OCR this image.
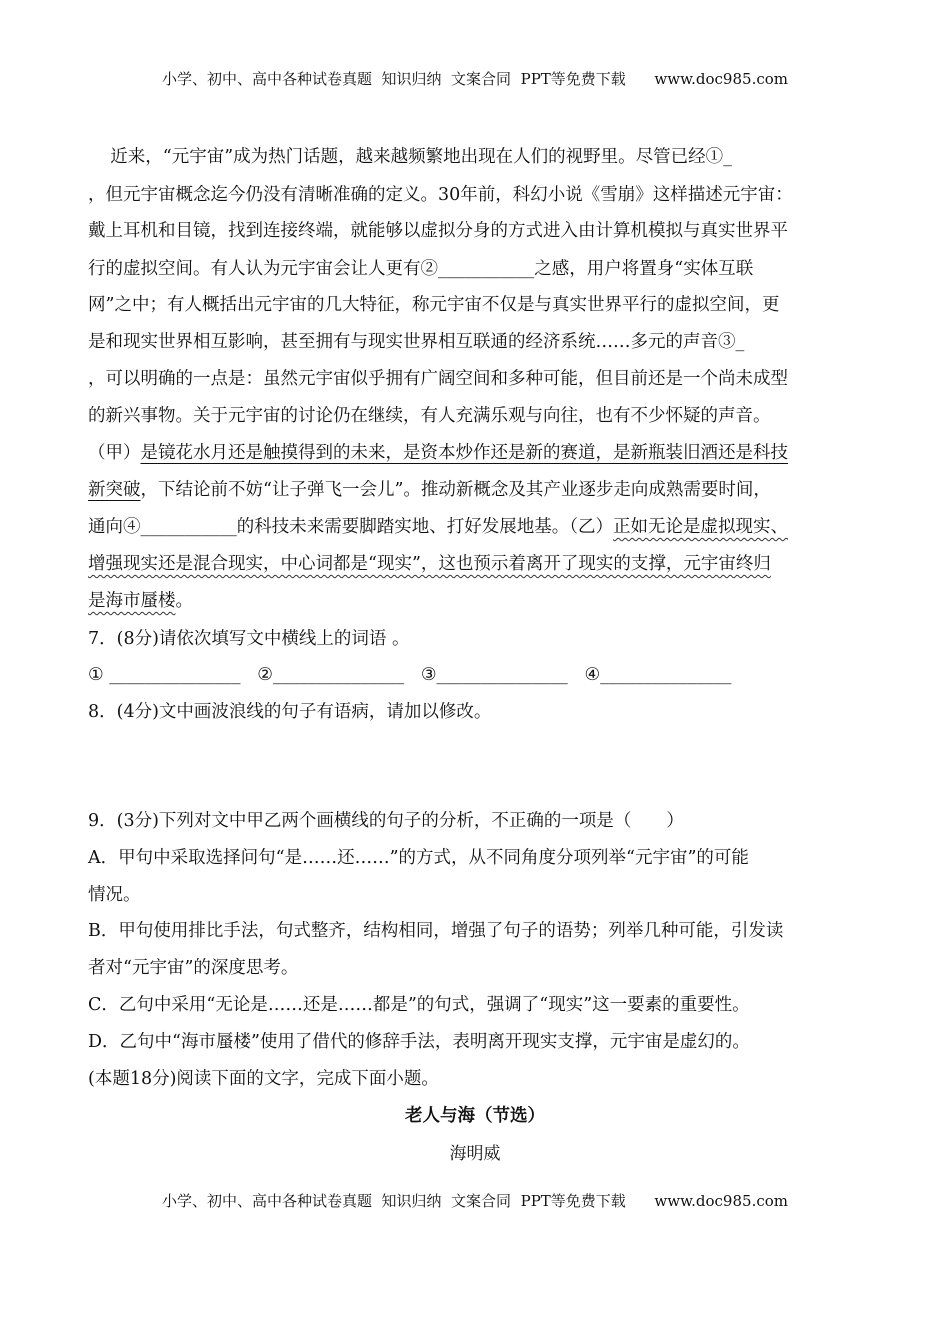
小学、初中、高中各种试卷真题  知识归纳  文案合同  PPT等免费下载      www.doc985.com
近来，“元宇宙”成为热门话题，越来越频繁地出现在人们的视野里。尽管已经①_
，但元宇宙概念迄今仍没有清晰准确的定义。30年前，科幻小说《雪崩》这样描述元宇宙：
戴上耳机和目镜，找到连接终端，就能够以虚拟分身的方式进入由计算机模拟与真实世界平
行的虚拟空间。有人认为元宇宙会让人更有②___________之感，用户将置身“实体互联
网”之中；有人概括出元宇宙的几大特征，称元宇宙不仅是与真实世界平行的虚拟空间，更
是和现实世界相互影响，甚至拥有与现实世界相互联通的经济系统……多元的声音③_
，可以明确的一点是：虽然元宇宙似乎拥有广阔空间和多种可能，但目前还是一个尚未成型
的新兴事物。关于元宇宙的讨论仍在继续，有人充满乐观与向往，也有不少怀疑的声音。
（甲）是镜花水月还是触摸得到的未来，是资本炒作还是新的赛道，是新瓶装旧酒还是科技
新突破，下结论前不妨“让子弹飞一会儿”。推动新概念及其产业逐步走向成熟需要时间，
通向④___________的科技未来需要脚踏实地、打好发展地基。（乙）正如无论是虚拟现实、
增强现实还是混合现实，中心词都是“现实”，这也预示着离开了现实的支撑，元宇宙终归
是海市蜃楼。
7．(8分)请依次填写文中横线上的词语 。
① _______________   ②_______________   ③_______________   ④_______________
8．(4分)文中画波浪线的句子有语病，请加以修改。
9．(3分)下列对文中甲乙两个画横线的句子的分析，不正确的一项是（　　）
A．甲句中采取选择问句“是……还……”的方式，从不同角度分项列举“元宇宙”的可能
情况。
B．甲句使用排比手法，句式整齐，结构相同，增强了句子的语势；列举几种可能，引发读
者对“元宇宙”的深度思考。
C．乙句中采用“无论是……还是……都是”的句式，强调了“现实”这一要素的重要性。
D．乙句中“海市蜃楼”使用了借代的修辞手法，表明离开现实支撑，元宇宙是虚幻的。
(本题18分)阅读下面的文字，完成下面小题。
老人与海（节选）
海明威
小学、初中、高中各种试卷真题  知识归纳  文案合同  PPT等免费下载      www.doc985.com
